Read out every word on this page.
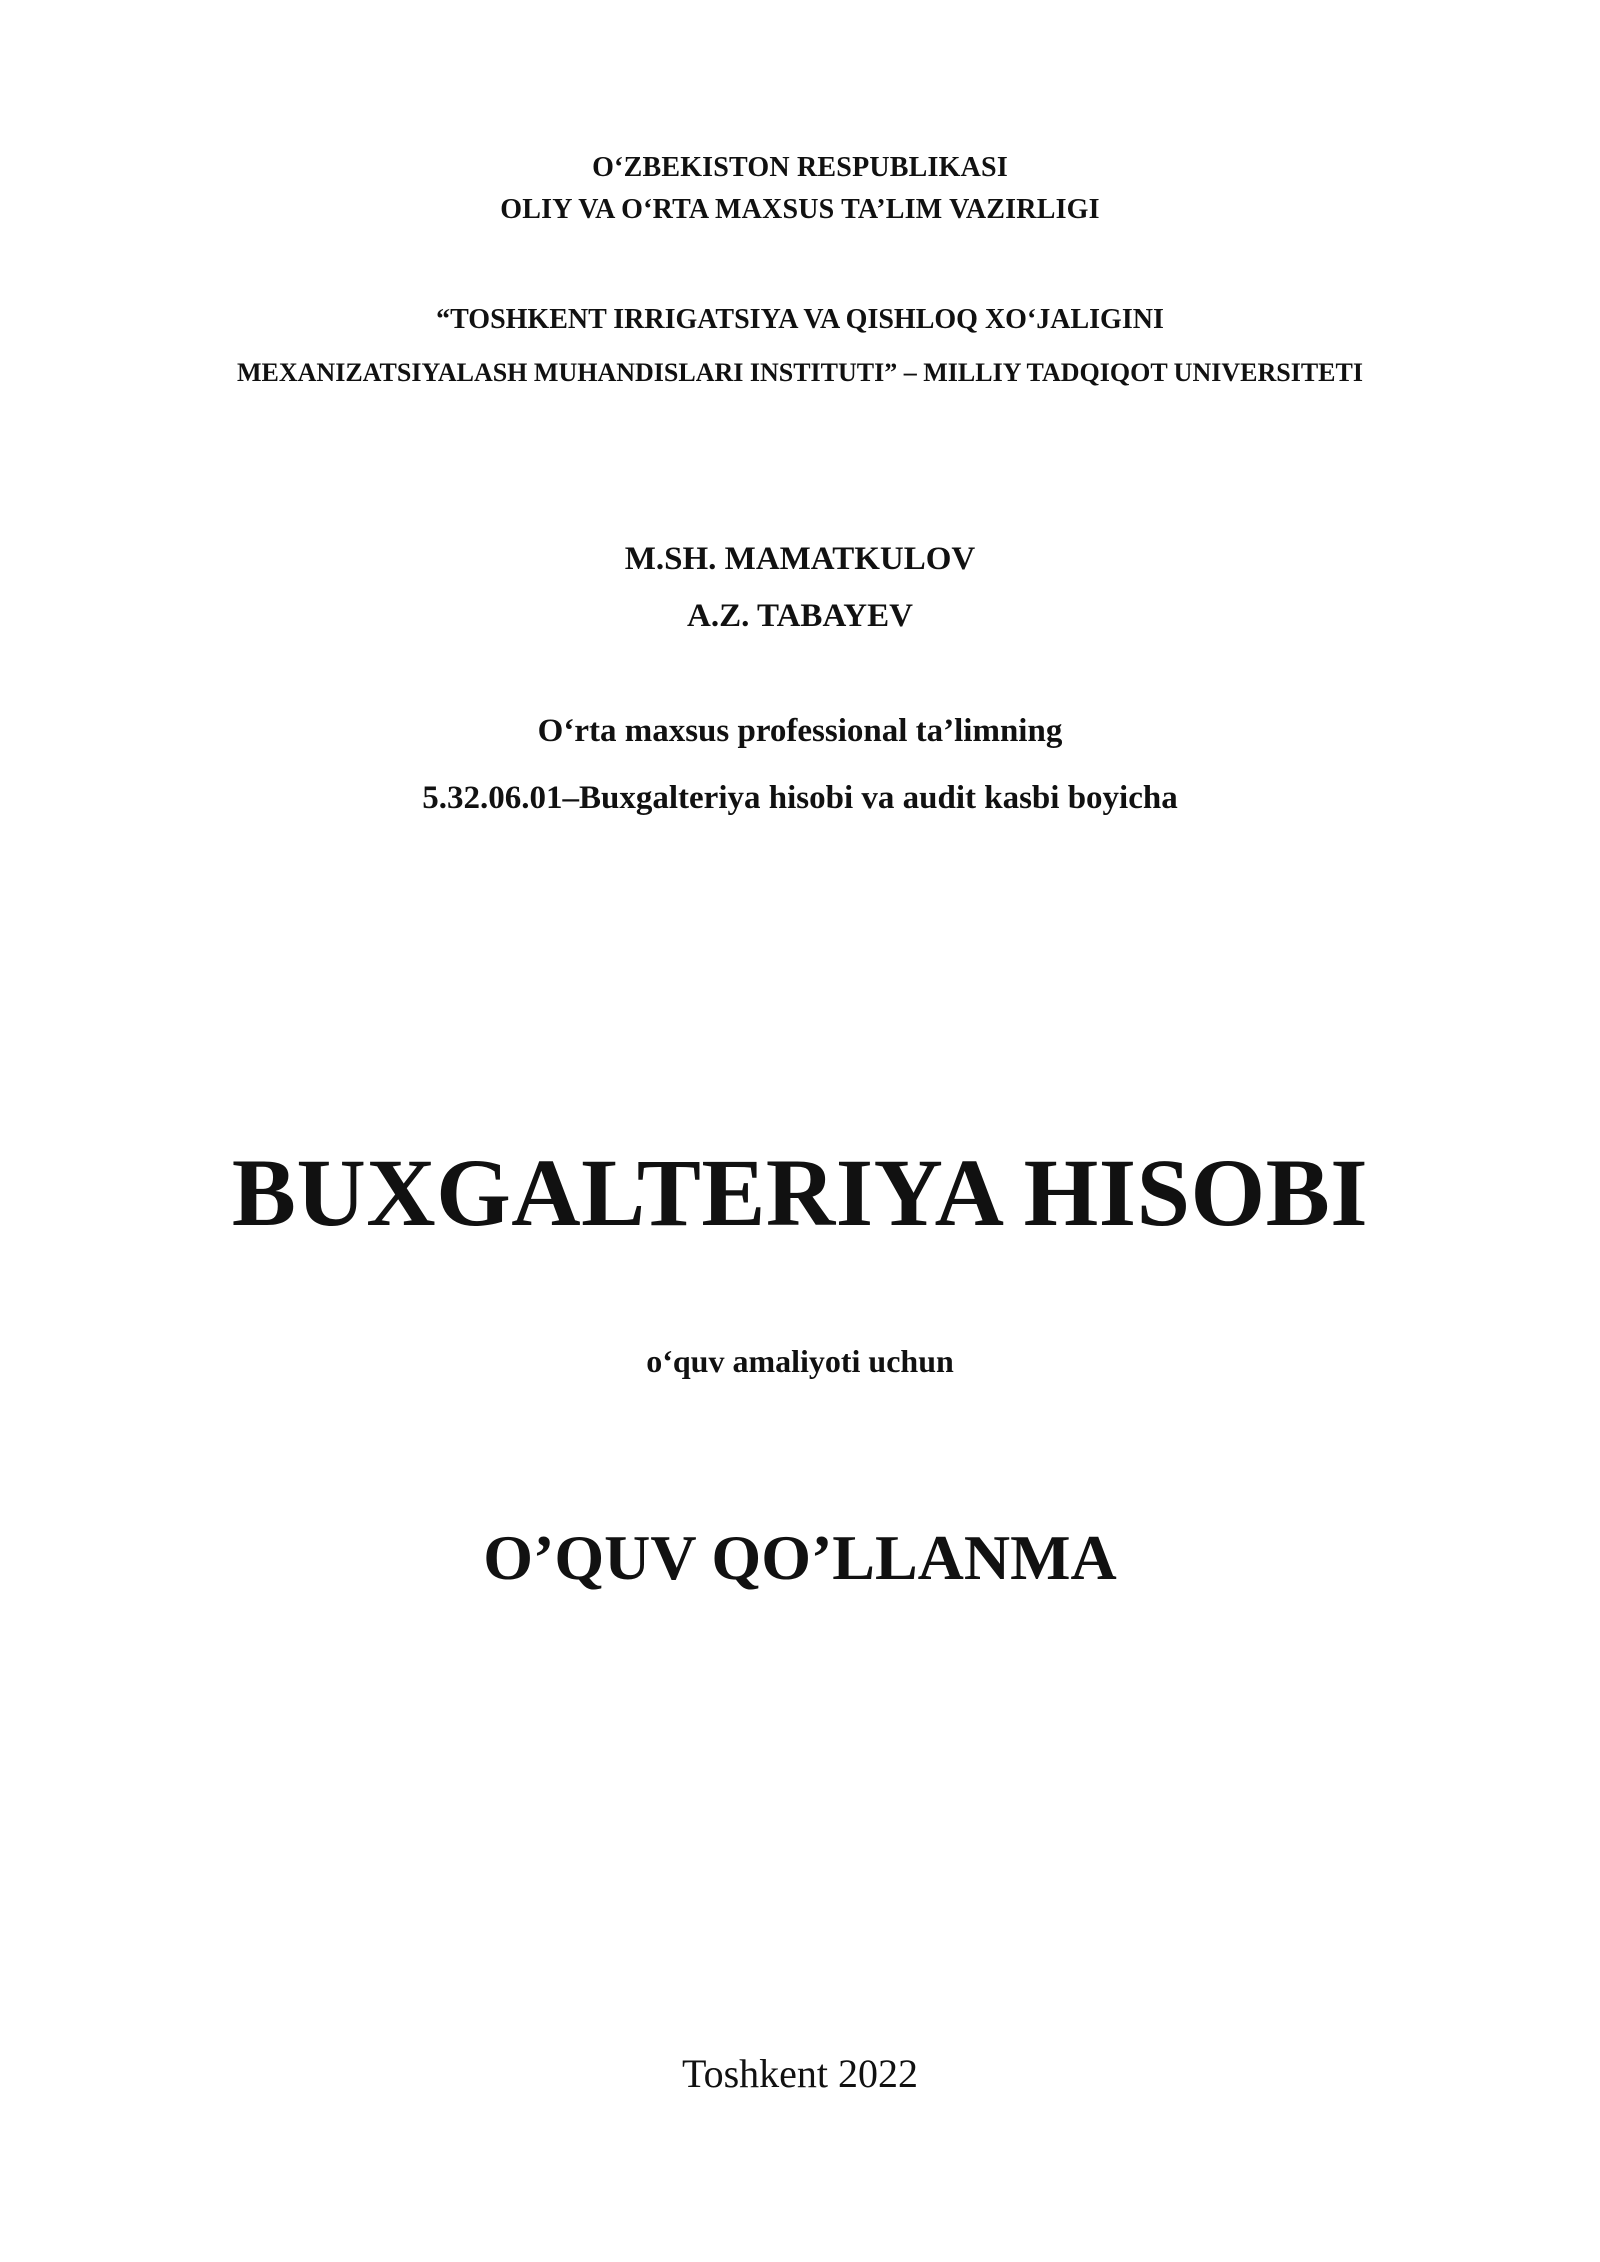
O‘ZBEKISTON RESPUBLIKASI
OLIY VA O‘RTA MAXSUS TA’LIM VAZIRLIGI
“TOSHKENT IRRIGATSIYA VA QISHLOQ XO‘JALIGINI
MEXANIZATSIYALASH MUHANDISLARI INSTITUTI” – MILLIY TADQIQOT UNIVERSITETI
M.SH. MAMATKULOV
A.Z. TABAYEV
O‘rta maxsus professional ta’limning
5.32.06.01–Buxgalteriya hisobi va audit kasbi boyicha
BUXGALTERIYA HISOBI
o‘quv amaliyoti uchun
O’QUV QO’LLANMA
Toshkent 2022
